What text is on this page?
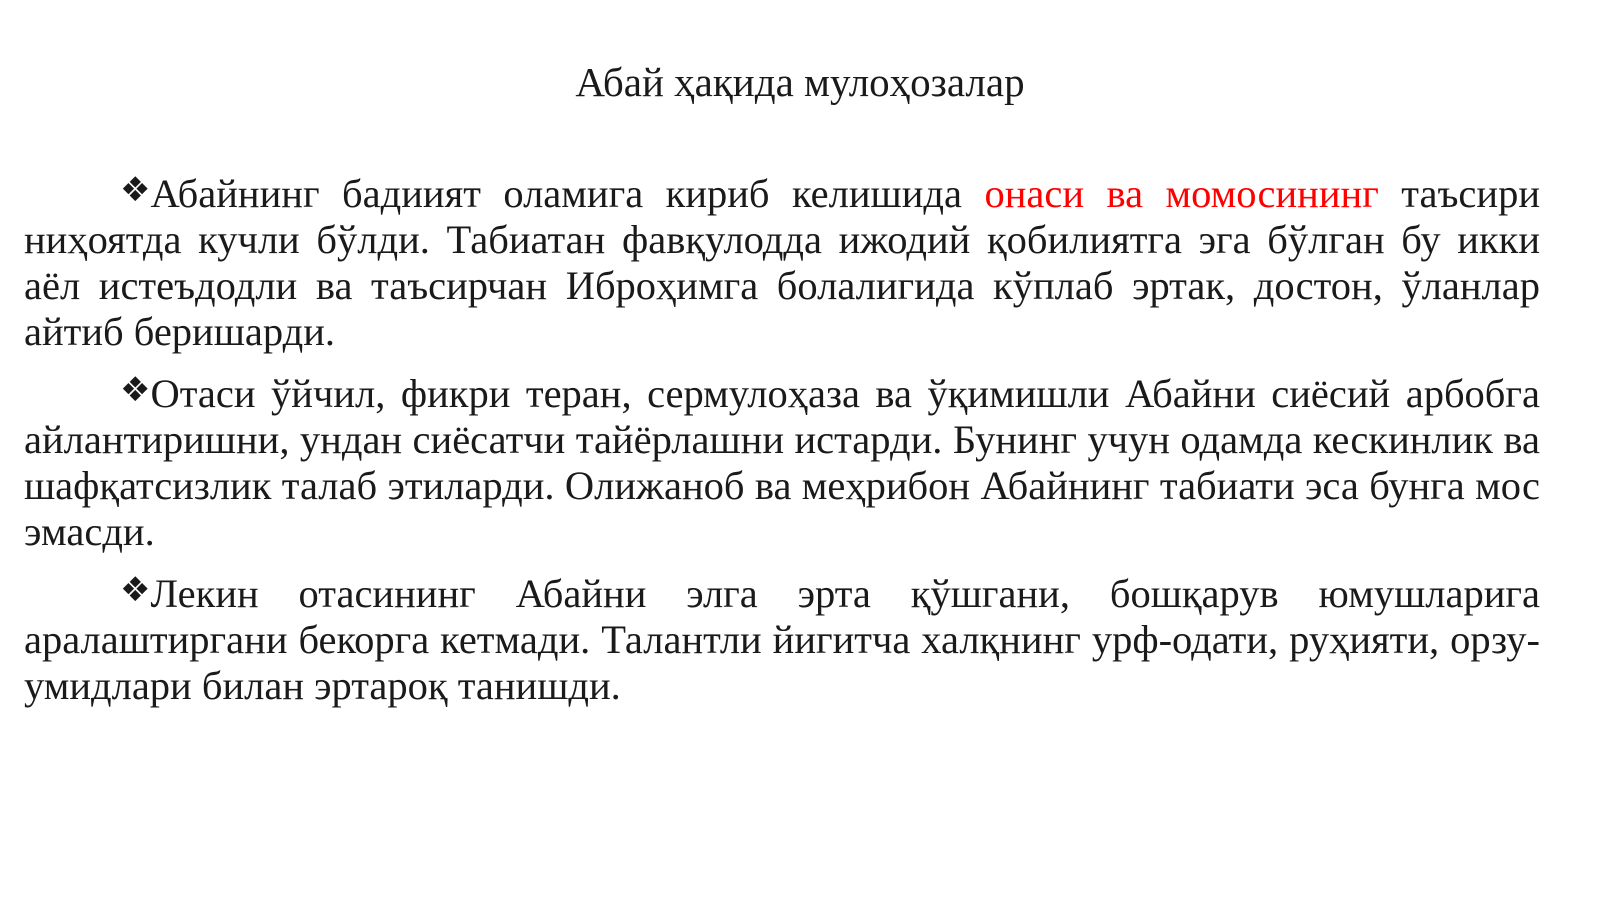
Абай ҳақида мулоҳозалар

❖Абайнинг бадиият оламига кириб келишида онаси ва момосининг таъсири ниҳоятда кучли бўлди. Табиатан фавқулодда ижодий қобилиятга эга бўлган бу икки аёл истеъдодли ва таъсирчан Иброҳимга болалигида кўплаб эртак, достон, ўланлар айтиб беришарди.

❖Отаси ўйчил, фикри теран, сермулоҳаза ва ўқимишли Абайни сиёсий арбобга айлантиришни, ундан сиёсатчи тайёрлашни истарди. Бунинг учун одамда кескинлик ва шафқатсизлик талаб этиларди. Олижаноб ва меҳрибон Абайнинг табиати эса бунга мос эмасди.

❖Лекин отасининг Абайни элга эрта қўшгани, бошқарув юмушларига аралаштиргани бекорга кетмади. Талантли йигитча халқнинг урф-одати, руҳияти, орзу-умидлари билан эртароқ танишди.
